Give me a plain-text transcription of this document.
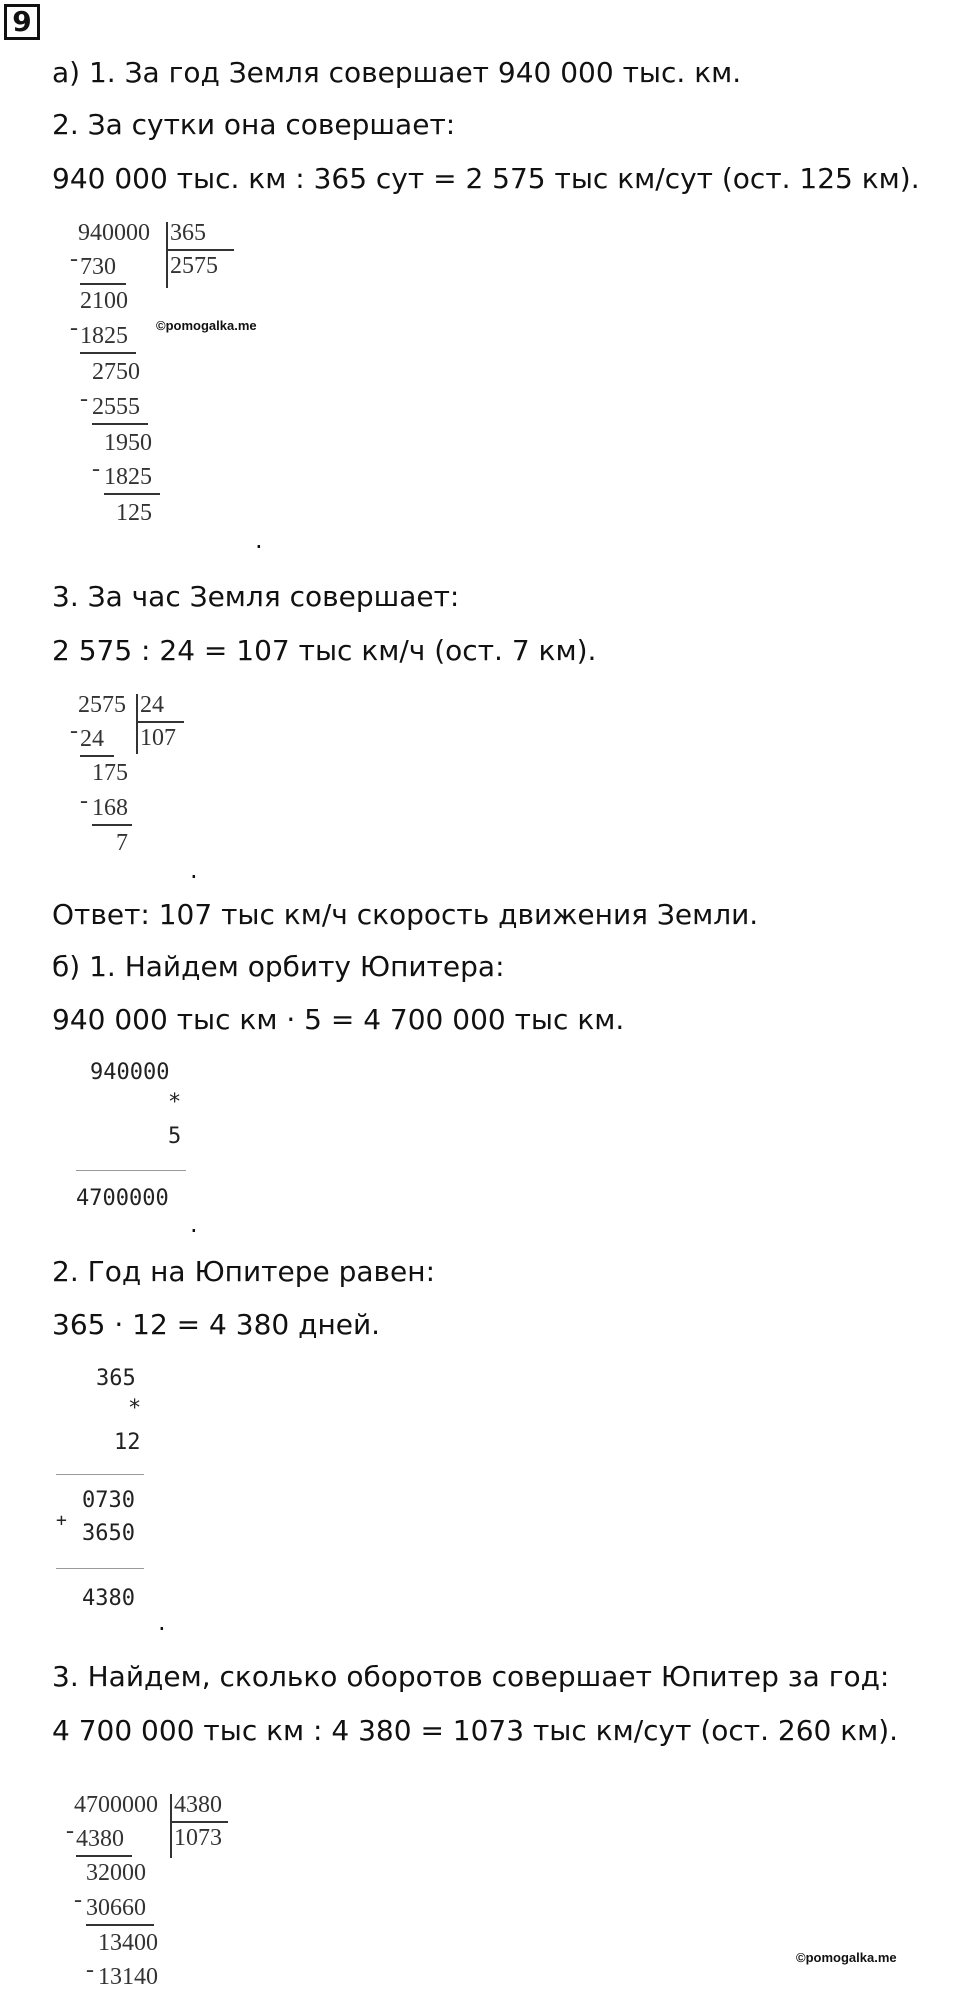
9
а) 1. За год Земля совершает 940 000 тыс. км.
2. За сутки она совершает:
940 000 тыс. км : 365 сут = 2 575 тыс км/сут (ост. 125 км).
940000 365
2575
- 730
2100
- 1825
2750
- 2555
1950
- 1825
125
©pomogalka.me
.
3. За час Земля совершает:
2 575 : 24 = 107 тыс км/ч (ост. 7 км).
2575 24
107
- 24
175
- 168
7
.
Ответ: 107 тыс км/ч скорость движения Земли.
б) 1. Найдем орбиту Юпитера:
940 000 тыс км · 5 = 4 700 000 тыс км.
940000
*
5
4700000
.
2. Год на Юпитере равен:
365 · 12 = 4 380 дней.
365
*
12
0730
+
3650
4380
.
3. Найдем, сколько оборотов совершает Юпитер за год:
4 700 000 тыс км : 4 380 = 1073 тыс км/сут (ост. 260 км).
4700000 4380
1073
- 4380
32000
- 30660
13400
- 13140
©pomogalka.me
